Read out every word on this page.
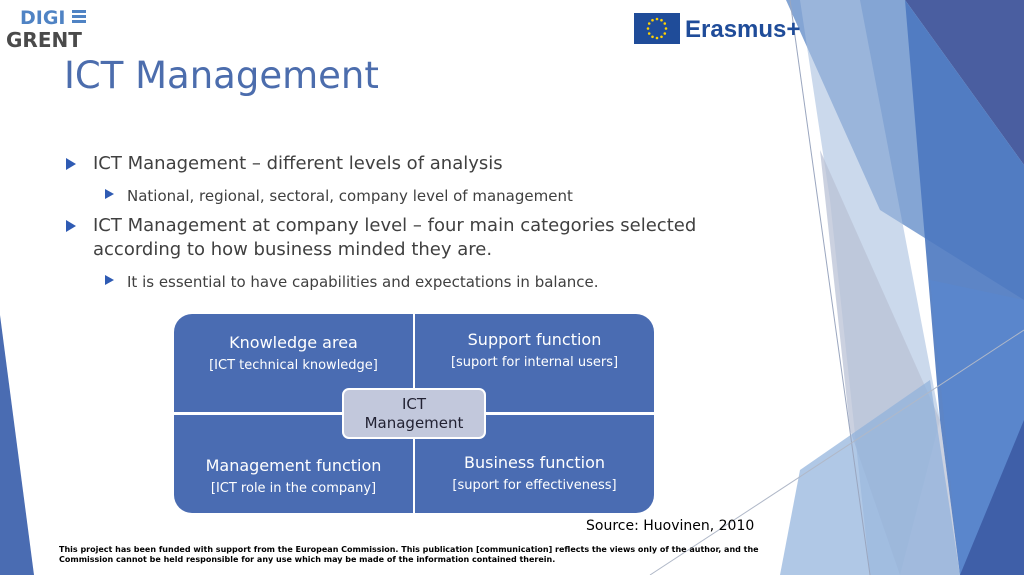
DIGI
GRENT	Erasmus+
ICT Management
ICT Management – different levels of analysis
National, regional, sectoral, company level of management
ICT Management at company level – four main categories selected according to how business minded they are.
It is essential to have capabilities and expectations in balance.
Knowledge area
[ICT technical knowledge]
Support function
[suport for internal users]
Management function
[ICT role in the company]
Business function
[suport for effectiveness]
ICT
Management
Source: Huovinen, 2010
This project has been funded with support from the European Commission. This publication [communication] reflects the views only of the author, and the Commission cannot be held responsible for any use which may be made of the information contained therein.
